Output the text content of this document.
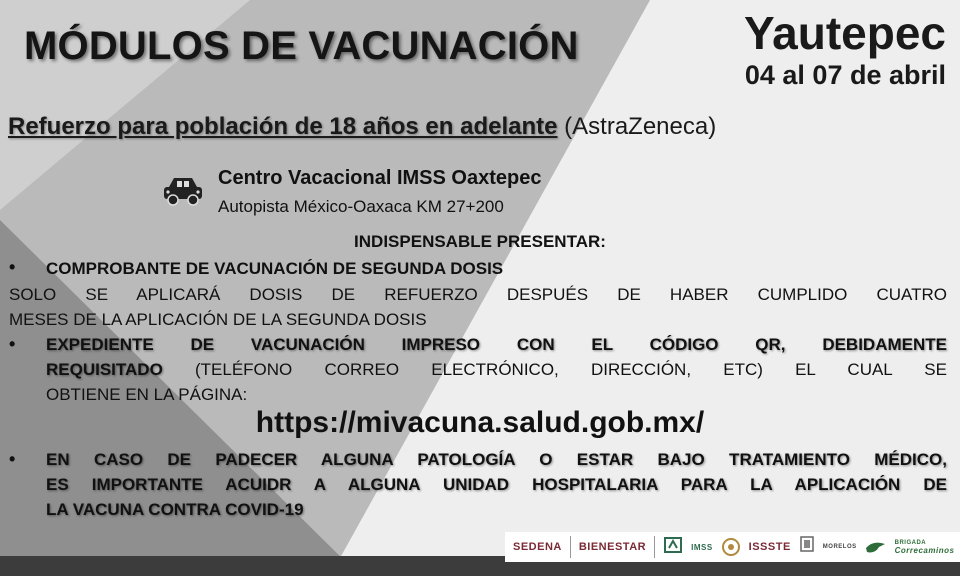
MÓDULOS DE VACUNACIÓN	Yautepec
04 al 07 de abril
Refuerzo para población de 18 años en adelante (AstraZeneca)
Centro Vacacional IMSS Oaxtepec
Autopista México-Oaxaca KM 27+200
INDISPENSABLE PRESENTAR:
• COMPROBANTE DE VACUNACIÓN DE SEGUNDA DOSIS
SOLO SE APLICARÁ DOSIS DE REFUERZO DESPUÉS DE HABER CUMPLIDO CUATRO
MESES DE LA APLICACIÓN DE LA SEGUNDA DOSIS
• EXPEDIENTE DE VACUNACIÓN IMPRESO CON EL CÓDIGO QR, DEBIDAMENTE
REQUISITADO (TELÉFONO CORREO ELECTRÓNICO, DIRECCIÓN, ETC) EL CUAL SE
OBTIENE EN LA PÁGINA:
https://mivacuna.salud.gob.mx/
• EN CASO DE PADECER ALGUNA PATOLOGÍA O ESTAR BAJO TRATAMIENTO MÉDICO,
ES IMPORTANTE ACUIDR A ALGUNA UNIDAD HOSPITALARIA PARA LA APLICACIÓN DE
LA VACUNA CONTRA COVID-19
SEDENA BIENESTAR	IMSS	ISSSTE	MORELOS
BRIGADA
Correcaminos
